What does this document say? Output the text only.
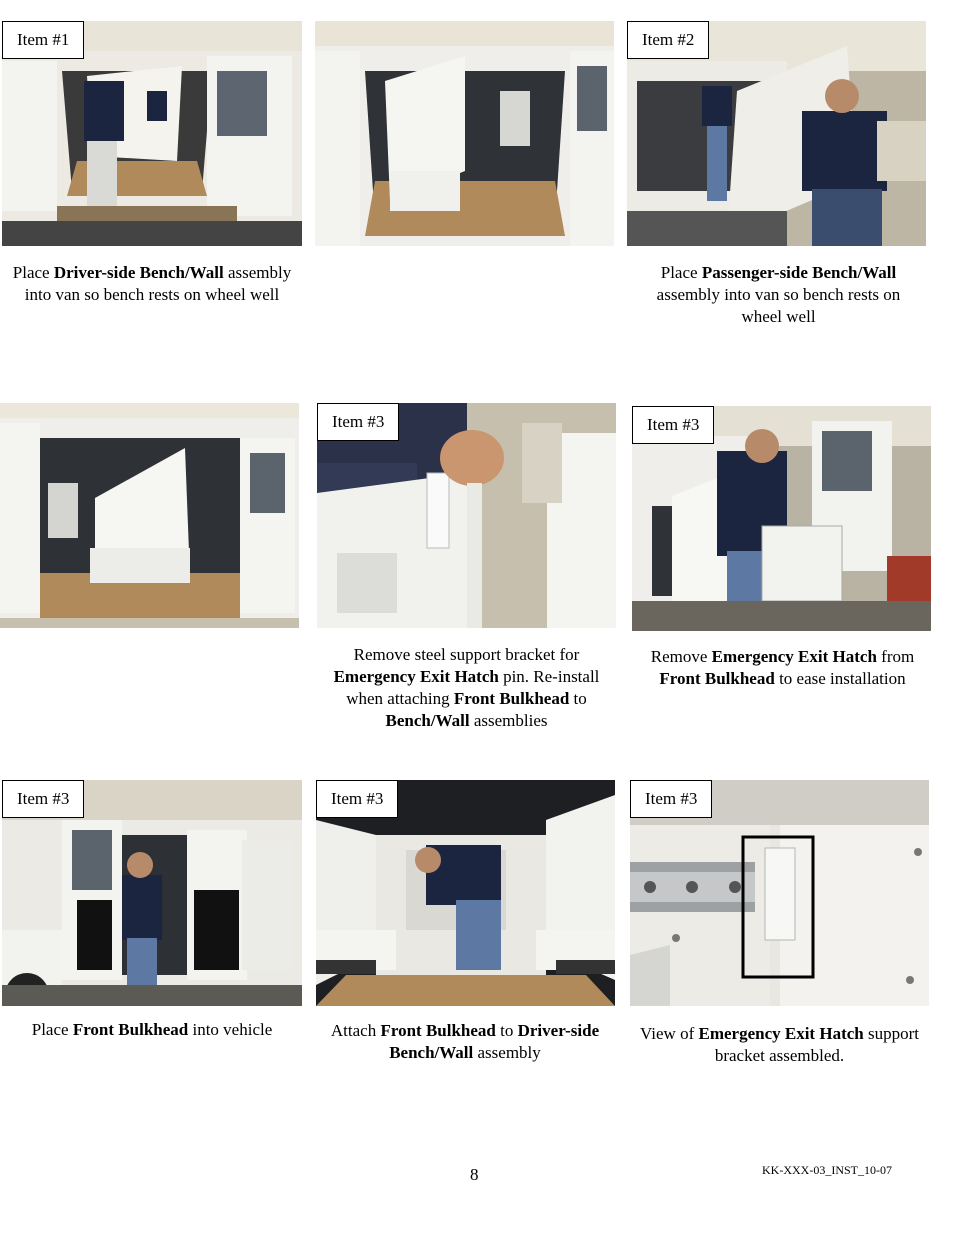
Item #1	Item #2
Place Driver-side Bench/Wall assembly into van so bench rests on wheel well
Place Passenger-side Bench/Wall assembly into van so bench rests on wheel well
Item #3	Item #3
Remove steel support bracket for Emergency Exit Hatch pin. Re-install when attaching Front Bulkhead to Bench/Wall assemblies
Remove Emergency Exit Hatch from Front Bulkhead to ease installation
Item #3	Item #3	Item #3
Place Front Bulkhead into vehicle	Attach Front Bulkhead to Driver-side Bench/Wall assembly
View of Emergency Exit Hatch support bracket assembled.
8	KK-XXX-03_INST_10-07
